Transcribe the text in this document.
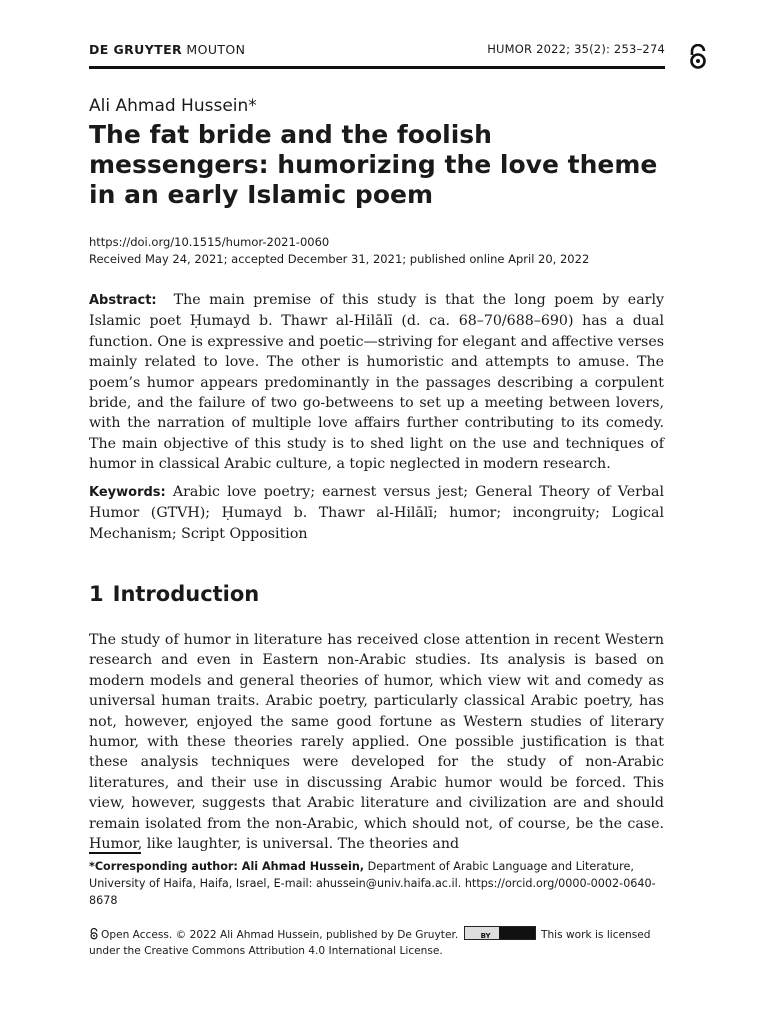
DE GRUYTER MOUTON	HUMOR 2022; 35(2): 253–274
Ali Ahmad Hussein*
The fat bride and the foolish messengers: humorizing the love theme in an early Islamic poem
https://doi.org/10.1515/humor-2021-0060
Received May 24, 2021; accepted December 31, 2021; published online April 20, 2022
Abstract: The main premise of this study is that the long poem by early Islamic poet Ḥumayd b. Thawr al-Hilālī (d. ca. 68–70/688–690) has a dual function. One is expressive and poetic—striving for elegant and affective verses mainly related to love. The other is humoristic and attempts to amuse. The poem’s humor appears predominantly in the passages describing a corpulent bride, and the failure of two go-betweens to set up a meeting between lovers, with the narration of multiple love affairs further contributing to its comedy. The main objective of this study is to shed light on the use and techniques of humor in classical Arabic culture, a topic neglected in modern research.
Keywords: Arabic love poetry; earnest versus jest; General Theory of Verbal Humor (GTVH); Ḥumayd b. Thawr al-Hilālī; humor; incongruity; Logical Mechanism; Script Opposition
1 Introduction
The study of humor in literature has received close attention in recent Western research and even in Eastern non-Arabic studies. Its analysis is based on modern models and general theories of humor, which view wit and comedy as universal human traits. Arabic poetry, particularly classical Arabic poetry, has not, however, enjoyed the same good fortune as Western studies of literary humor, with these theories rarely applied. One possible justification is that these analysis techniques were developed for the study of non-Arabic literatures, and their use in discussing Arabic humor would be forced. This view, however, suggests that Arabic literature and civilization are and should remain isolated from the non-Arabic, which should not, of course, be the case. Humor, like laughter, is universal. The theories and
*Corresponding author: Ali Ahmad Hussein, Department of Arabic Language and Literature, University of Haifa, Haifa, Israel, E-mail: ahussein@univ.haifa.ac.il. https://orcid.org/0000-0002-0640-8678
Open Access. © 2022 Ali Ahmad Hussein, published by De Gruyter.	BY	This work is licensed under the Creative Commons Attribution 4.0 International License.
